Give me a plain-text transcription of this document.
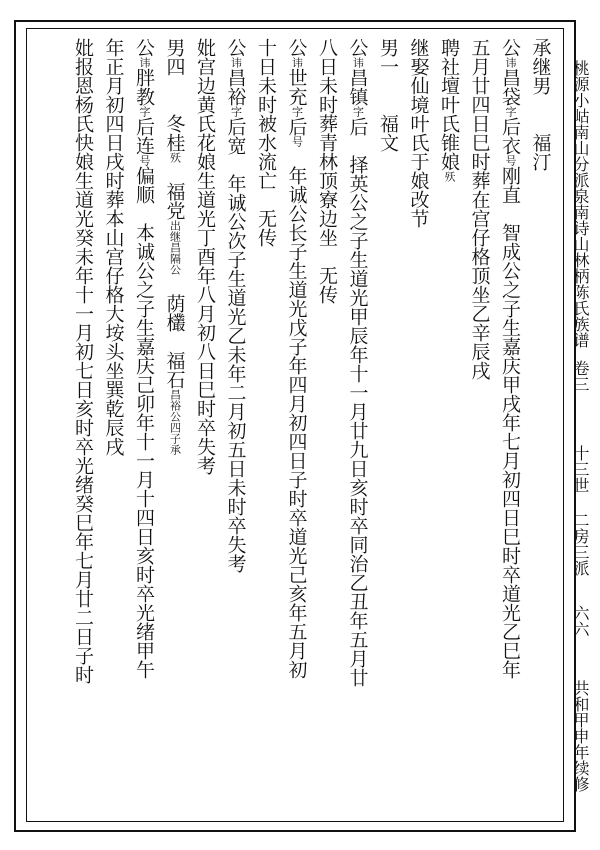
桃源小岵南山分派泉南诗山林柄陈氏族谱
卷三
十三世 二房三派
六六
共和甲申年续修
承继男　　福汀
公讳昌袋字后衣号刚直　智成公之子生嘉庆甲戌年七月初四日巳时卒道光乙巳年
五月廿四日巳时葬在宫仔格顶坐乙辛辰戌
聘社壇叶氏锥娘殀
继娶仙境叶氏于娘改节
男一　　福文
公讳昌镇字后　择英公之子生道光甲辰年十一月廿九日亥时卒同治乙丑年五月廿
八日未时葬青林顶寮边坐　无传
公讳世充字后号　年诚公长子生道光戊子年四月初四日子时卒道光己亥年五月初
十日未时被水流亡　无传
公讳昌裕字后宽　年诚公次子生道光乙未年二月初五日未时卒失考
妣宫边黄氏花娘生道光丁酉年八月初八日巳时卒失考
男四　　冬桂殀　福党出继昌隔公　荫欉　福石昌裕公四子承
公讳胖教字后连号偏顺　本诚公之子生嘉庆己卯年十一月十四日亥时卒光绪甲午
年正月初四日戌时葬本山宫仔格大垵头坐巽乾辰戌
妣报恩杨氏快娘生道光癸未年十一月初七日亥时卒光绪癸巳年七月廿二日子时
